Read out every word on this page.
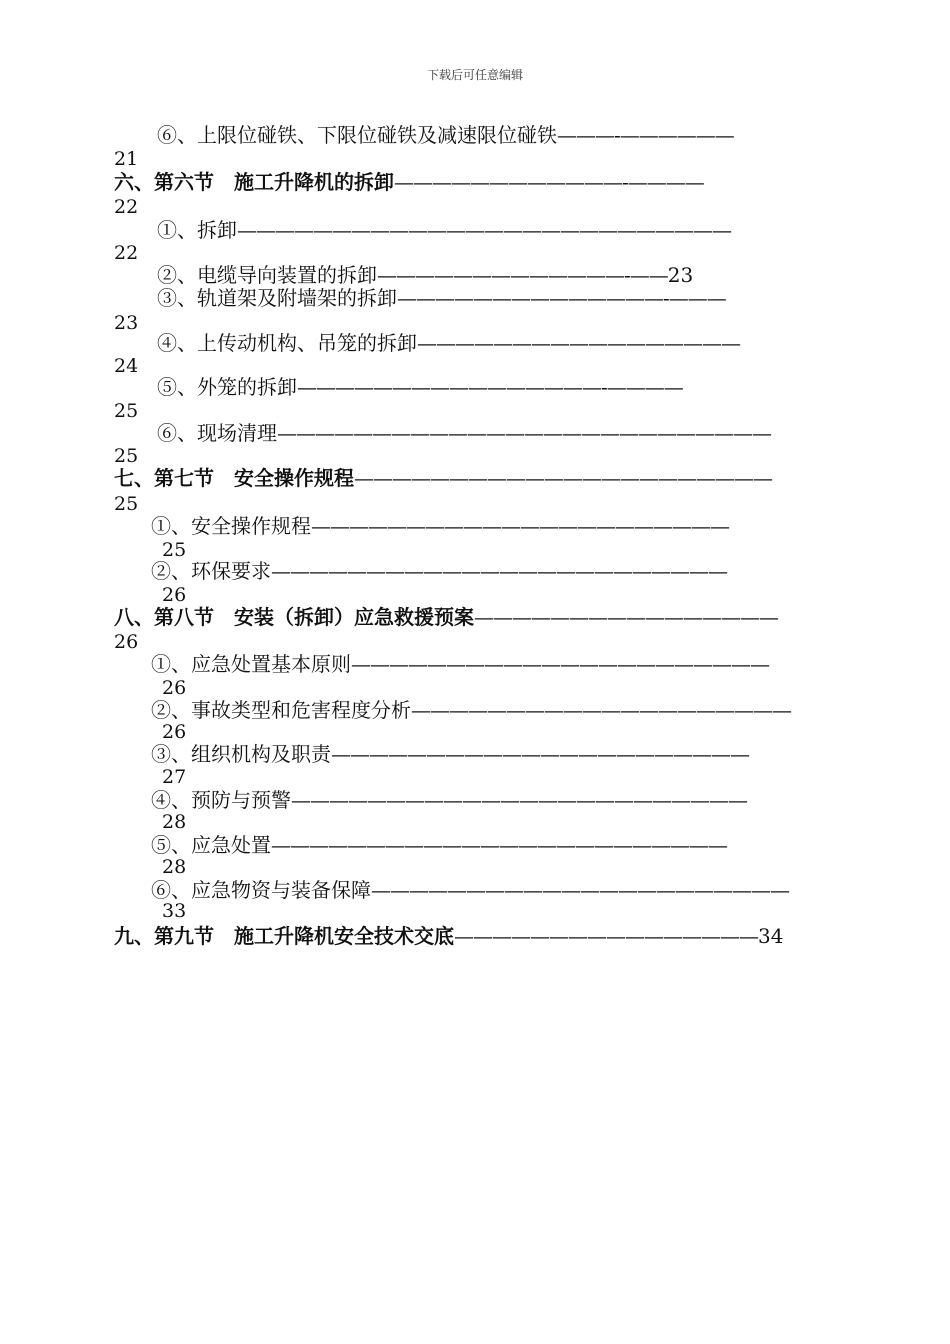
下载后可任意编辑
⑥、上限位碰铁、下限位碰铁及减速限位碰铁———-——————
21
六、第六节　施工升降机的拆卸————————————-————
22
①、拆卸——————————————————————————
22
②、电缆导向装置的拆卸—————————————-——23
③、轨道架及附墙架的拆卸——————————————-———
23
④、上传动机构、吊笼的拆卸—————————————————
24
⑤、外笼的拆卸————————————————-————
25
⑥、现场清理——————————————————————————
25
七、第七节　安全操作规程——————————————————————
25
①、安全操作规程——————————————————————
25
②、环保要求————————————————————————
26
八、第八节　安装（拆卸）应急救援预案————————————————
26
①、应急处置基本原则——————————————————————
26
②、事故类型和危害程度分析————————————————————
26
③、组织机构及职责——————————————————————
27
④、预防与预警————————————————————————
28
⑤、应急处置————————————————————————
28
⑥、应急物资与装备保障——————————————————————
33
九、第九节　施工升降机安全技术交底————————————————34
